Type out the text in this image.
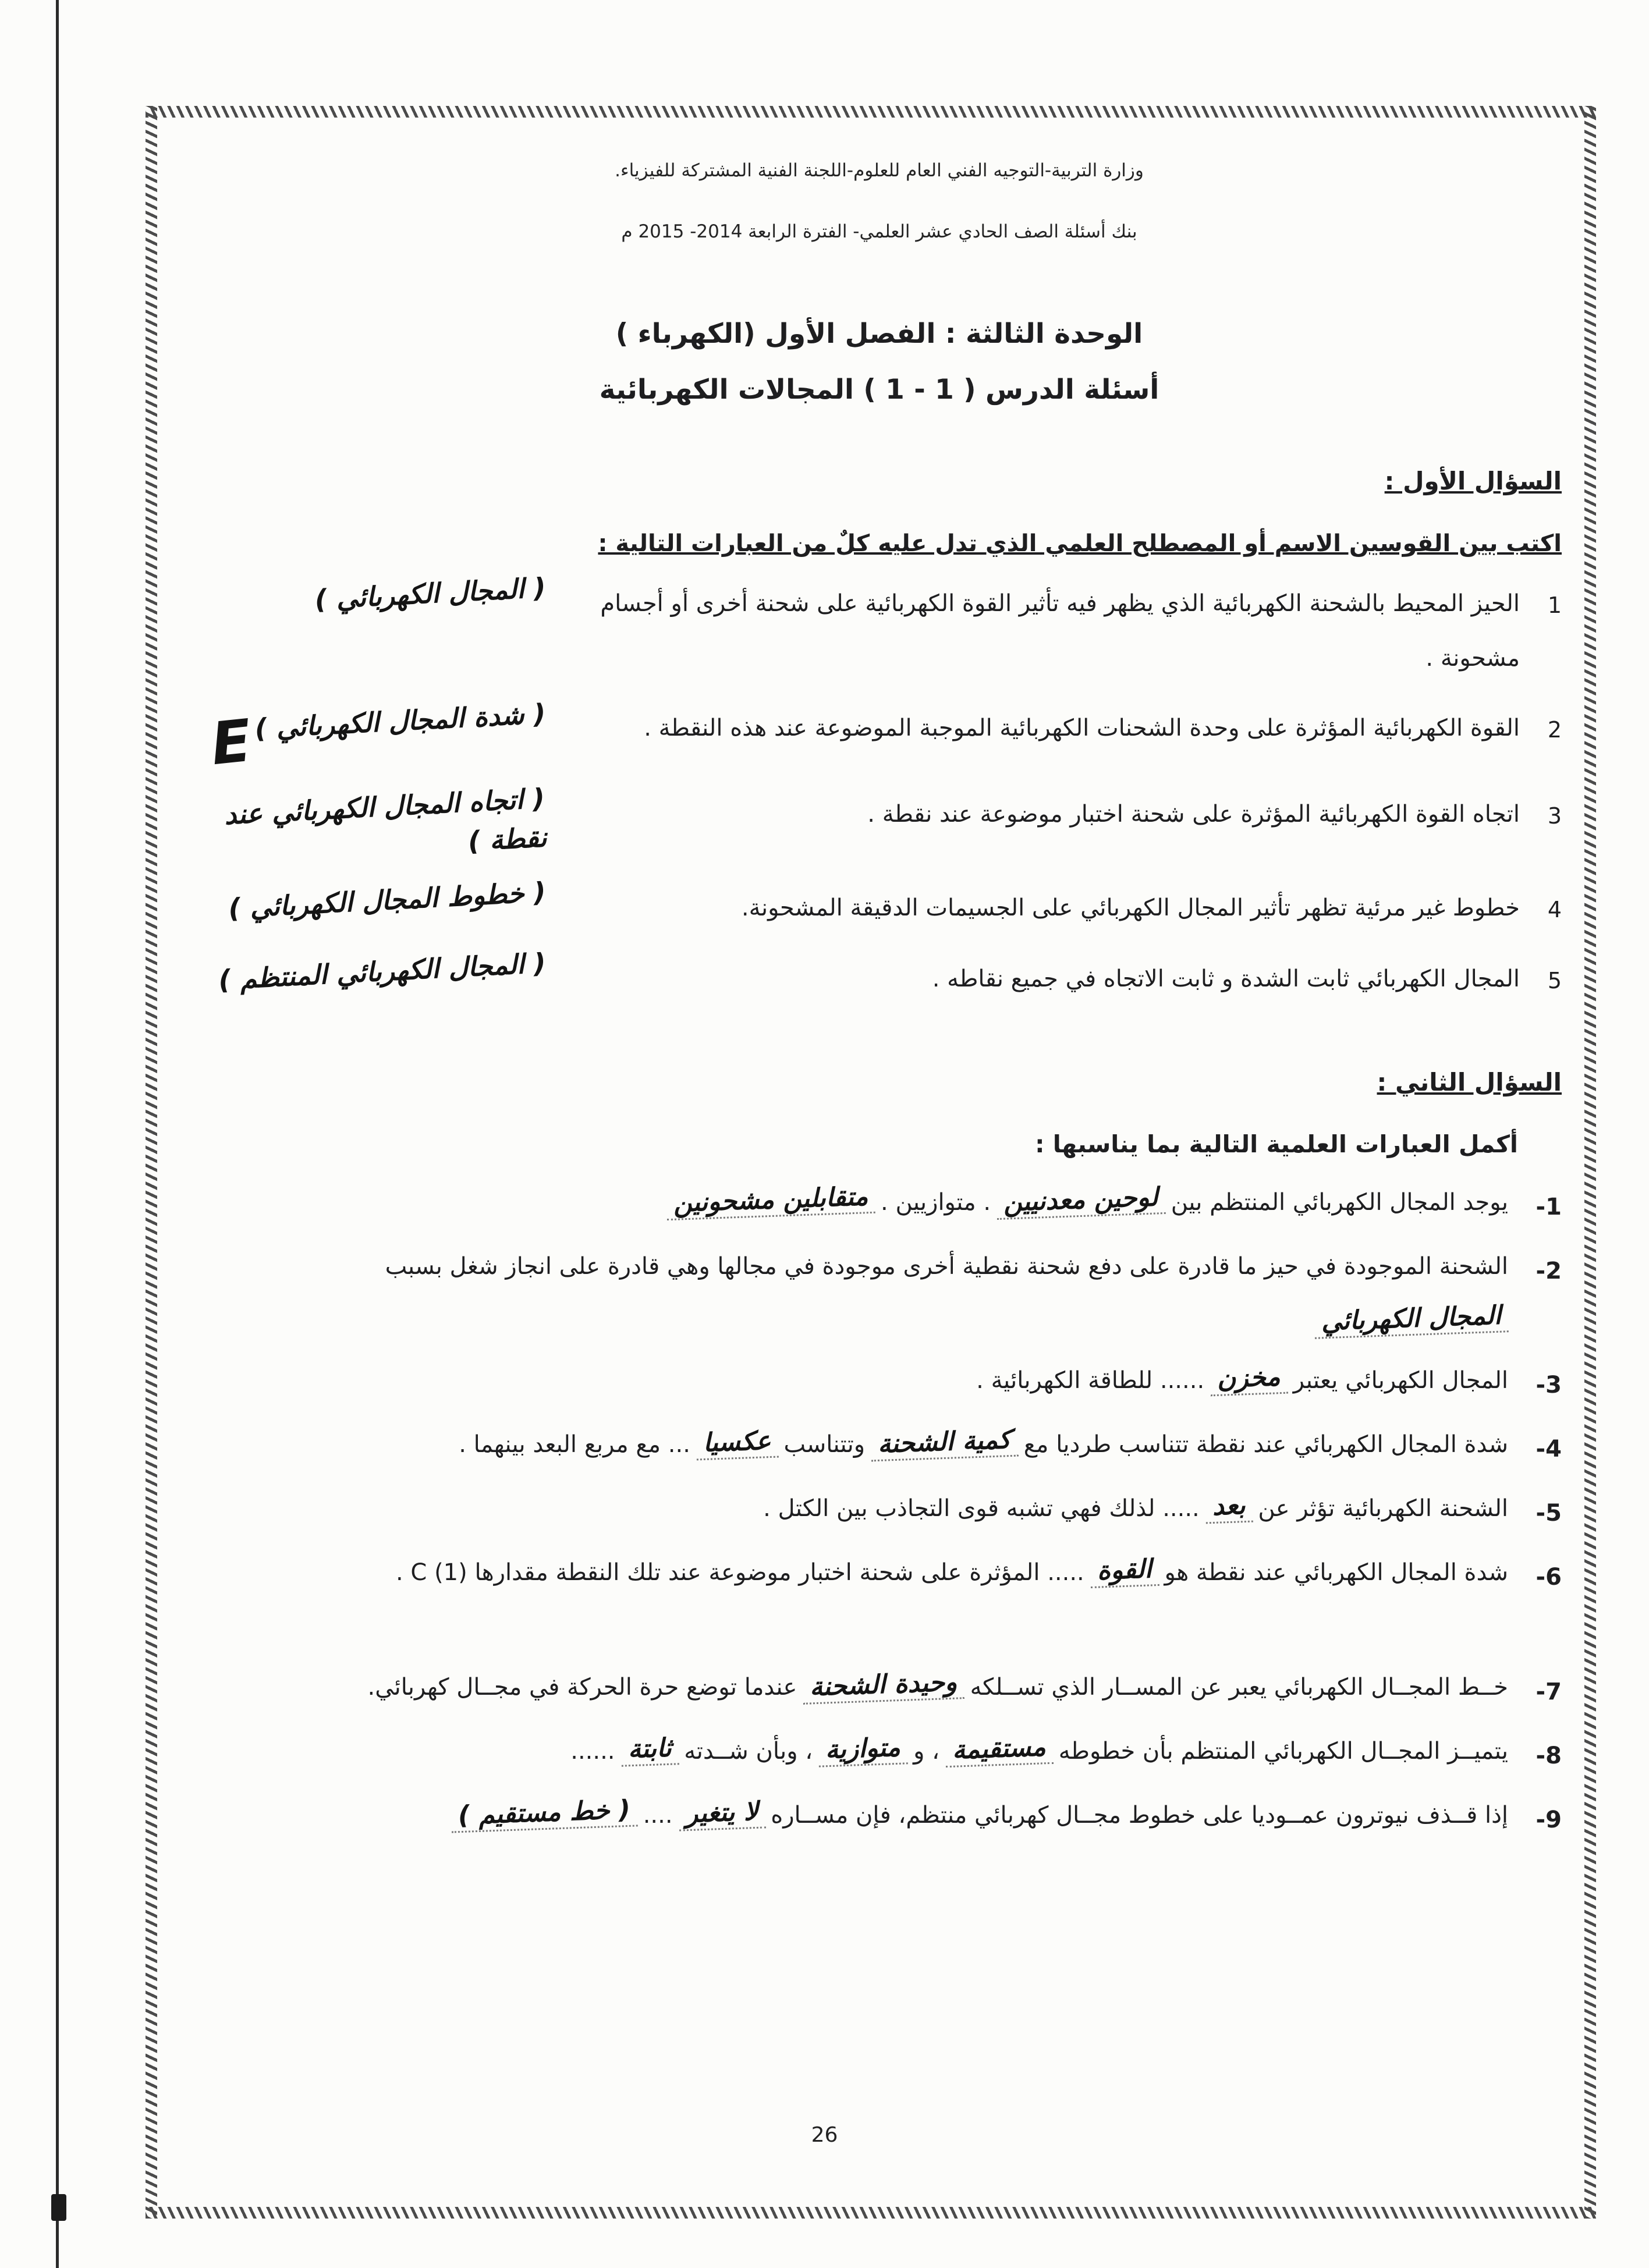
وزارة التربية-التوجيه الفني العام للعلوم-اللجنة الفنية المشتركة للفيزياء.
بنك أسئلة الصف الحادي عشر العلمي- الفترة الرابعة 2014- 2015 م
الوحدة الثالثة : الفصل الأول (الكهرباء )
أسئلة الدرس ( 1 - 1 ) المجالات الكهربائية
السؤال الأول :
اكتب بين القوسين الاسم أو المصطلح العلمي الذي تدل عليه كلٌ من العبارات التالية :
1

الحيز المحيط بالشحنة الكهربائية الذي يظهر فيه تأثير القوة الكهربائية على شحنة أخرى أو أجسام مشحونة .

( المجال الكهربائي )
2

القوة الكهربائية المؤثرة على وحدة الشحنات الكهربائية الموجبة الموضوعة عند هذه النقطة .

( شدة المجال الكهربائي )
E
3

اتجاه القوة الكهربائية المؤثرة على شحنة اختبار موضوعة عند نقطة .

( اتجاه المجال الكهربائي عند نقطة )
4

خطوط غير مرئية تظهر تأثير المجال الكهربائي على الجسيمات الدقيقة المشحونة.

( خطوط المجال الكهربائي )
5

المجال الكهربائي ثابت الشدة و ثابت الاتجاه في جميع نقاطه .

( المجال الكهربائي المنتظم )
السؤال الثاني :
أكمل العبارات العلمية التالية بما يناسبها :
1
-
يوجد المجال الكهربائي المنتظم بينلوحين معدنيين. متوازيين .متقابلين مشحونين
2
-
الشحنة الموجودة في حيز ما قادرة على دفع شحنة نقطية أخرى موجودة في مجالها وهي قادرة على انجاز شغل بسببالمجال الكهربائي
3
-
المجال الكهربائي يعتبرمخزن...... للطاقة الكهربائية .
4
-
شدة المجال الكهربائي عند نقطة تتناسب طرديا معكمية الشحنةوتتناسبعكسيا... مع مربع البعد بينهما .
5
-
الشحنة الكهربائية تؤثر عنبعد..... لذلك فهي تشبه قوى التجاذب بين الكتل .
6
-
شدة المجال الكهربائي عند نقطة هوالقوة..... المؤثرة على شحنة اختبار موضوعة عند تلك النقطة مقدارها C (1) .
7
-
خــط المجــال الكهربائي يعبر عن المســار الذي تســلكهوحيدة الشحنةعندما توضع حرة الحركة في مجــال كهربائي.
8
-
يتميــز المجــال الكهربائي المنتظم بأن خطوطهمستقيمة، ومتوازية، وبأن شــدتهثابتة......
9
-
إذا قــذف نيوترون عمــوديا على خطوط مجــال كهربائي منتظم، فإن مســارهلا يتغير....( خط مستقيم )
26
